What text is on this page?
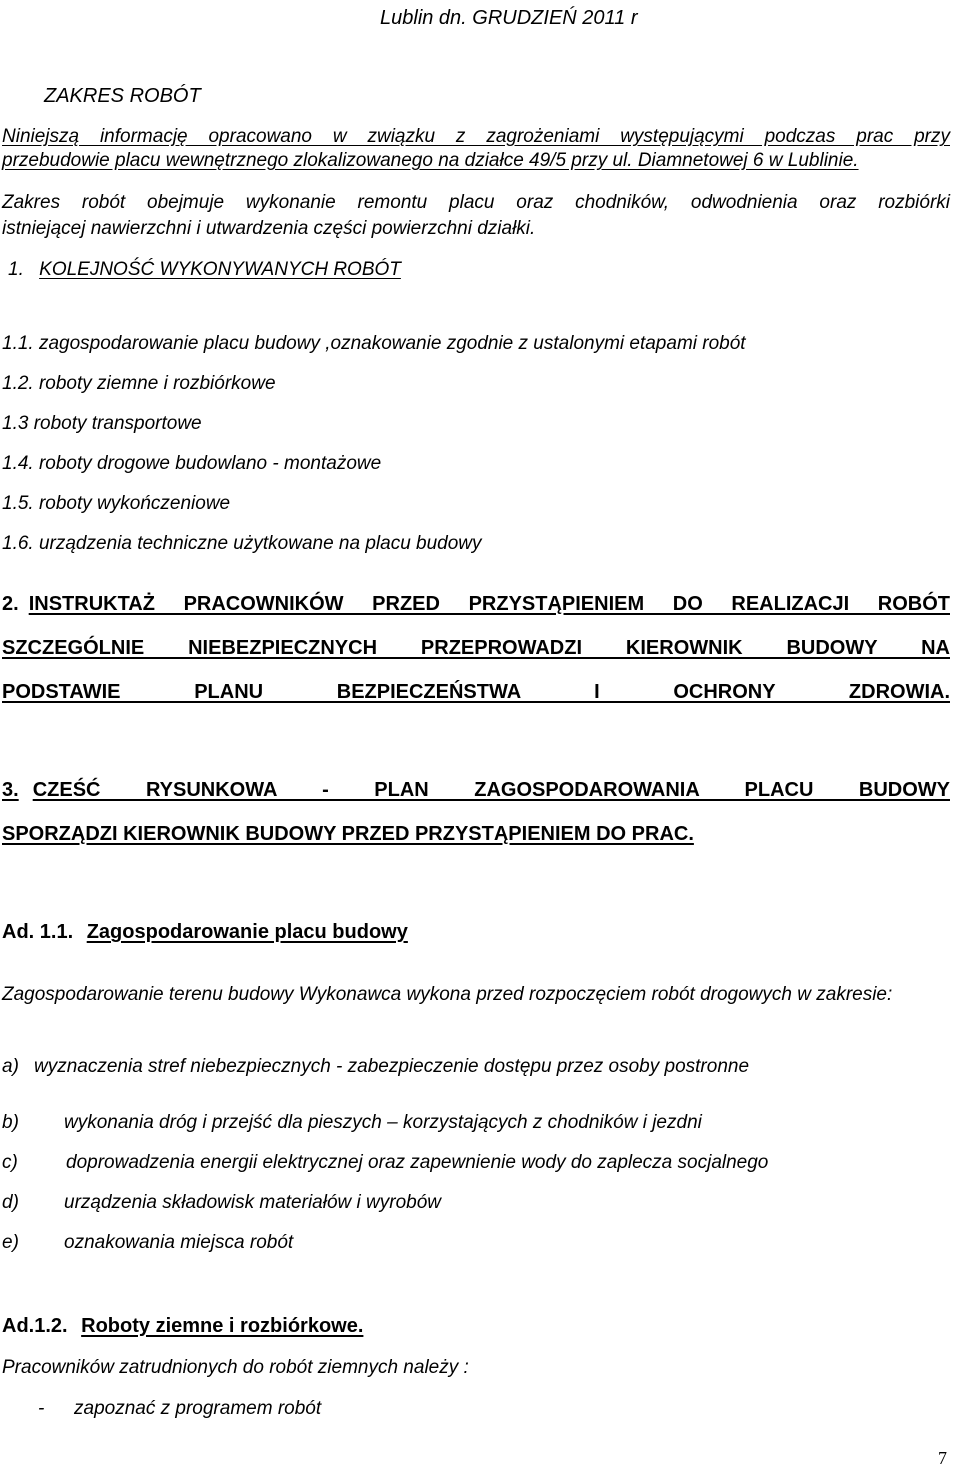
Lublin dn. GRUDZIEŃ 2011 r

ZAKRES ROBÓT

Niniejszą informację opracowano w związku z zagrożeniami występującymi podczas prac przy

przebudowie placu wewnętrznego zlokalizowanego na działce 49/5 przy ul. Diamnetowej 6 w Lublinie.

Zakres robót obejmuje wykonanie remontu placu oraz chodników, odwodnienia oraz rozbiórki

istniejącej nawierzchni i utwardzenia części powierzchni działki.

1. KOLEJNOŚĆ WYKONYWANYCH ROBÓT

1.1. zagospodarowanie placu budowy ,oznakowanie zgodnie z ustalonymi etapami robót

1.2. roboty ziemne i rozbiórkowe

1.3 roboty transportowe

1.4. roboty drogowe budowlano - montażowe

1.5. roboty wykończeniowe

1.6. urządzenia techniczne użytkowane na placu budowy

2. INSTRUKTAŻ PRACOWNIKÓW PRZED PRZYSTĄPIENIEM DO REALIZACJI ROBÓT

SZCZEGÓLNIE NIEBEZPIECZNYCH PRZEPROWADZI KIEROWNIK BUDOWY NA

PODSTAWIE PLANU BEZPIECZEŃSTWA I OCHRONY ZDROWIA.

3. CZEŚĆ RYSUNKOWA - PLAN ZAGOSPODAROWANIA PLACU BUDOWY

SPORZĄDZI KIEROWNIK BUDOWY PRZED PRZYSTĄPIENIEM DO PRAC.

Ad. 1.1. Zagospodarowanie placu budowy

Zagospodarowanie terenu budowy Wykonawca wykona przed rozpoczęciem robót drogowych w zakresie:

a) wyznaczenia stref niebezpiecznych - zabezpieczenie dostępu przez osoby postronne
b) wykonania dróg i przejść dla pieszych – korzystających z chodników i jezdni
c)	doprowadzenia energii elektrycznej oraz zapewnienie wody do zaplecza socjalnego
d) urządzenia składowisk materiałów i wyrobów
e) oznakowania miejsca robót

Ad.1.2. Roboty ziemne i rozbiórkowe.

Pracowników zatrudnionych do robót ziemnych należy :

- zapoznać z programem robót

7
